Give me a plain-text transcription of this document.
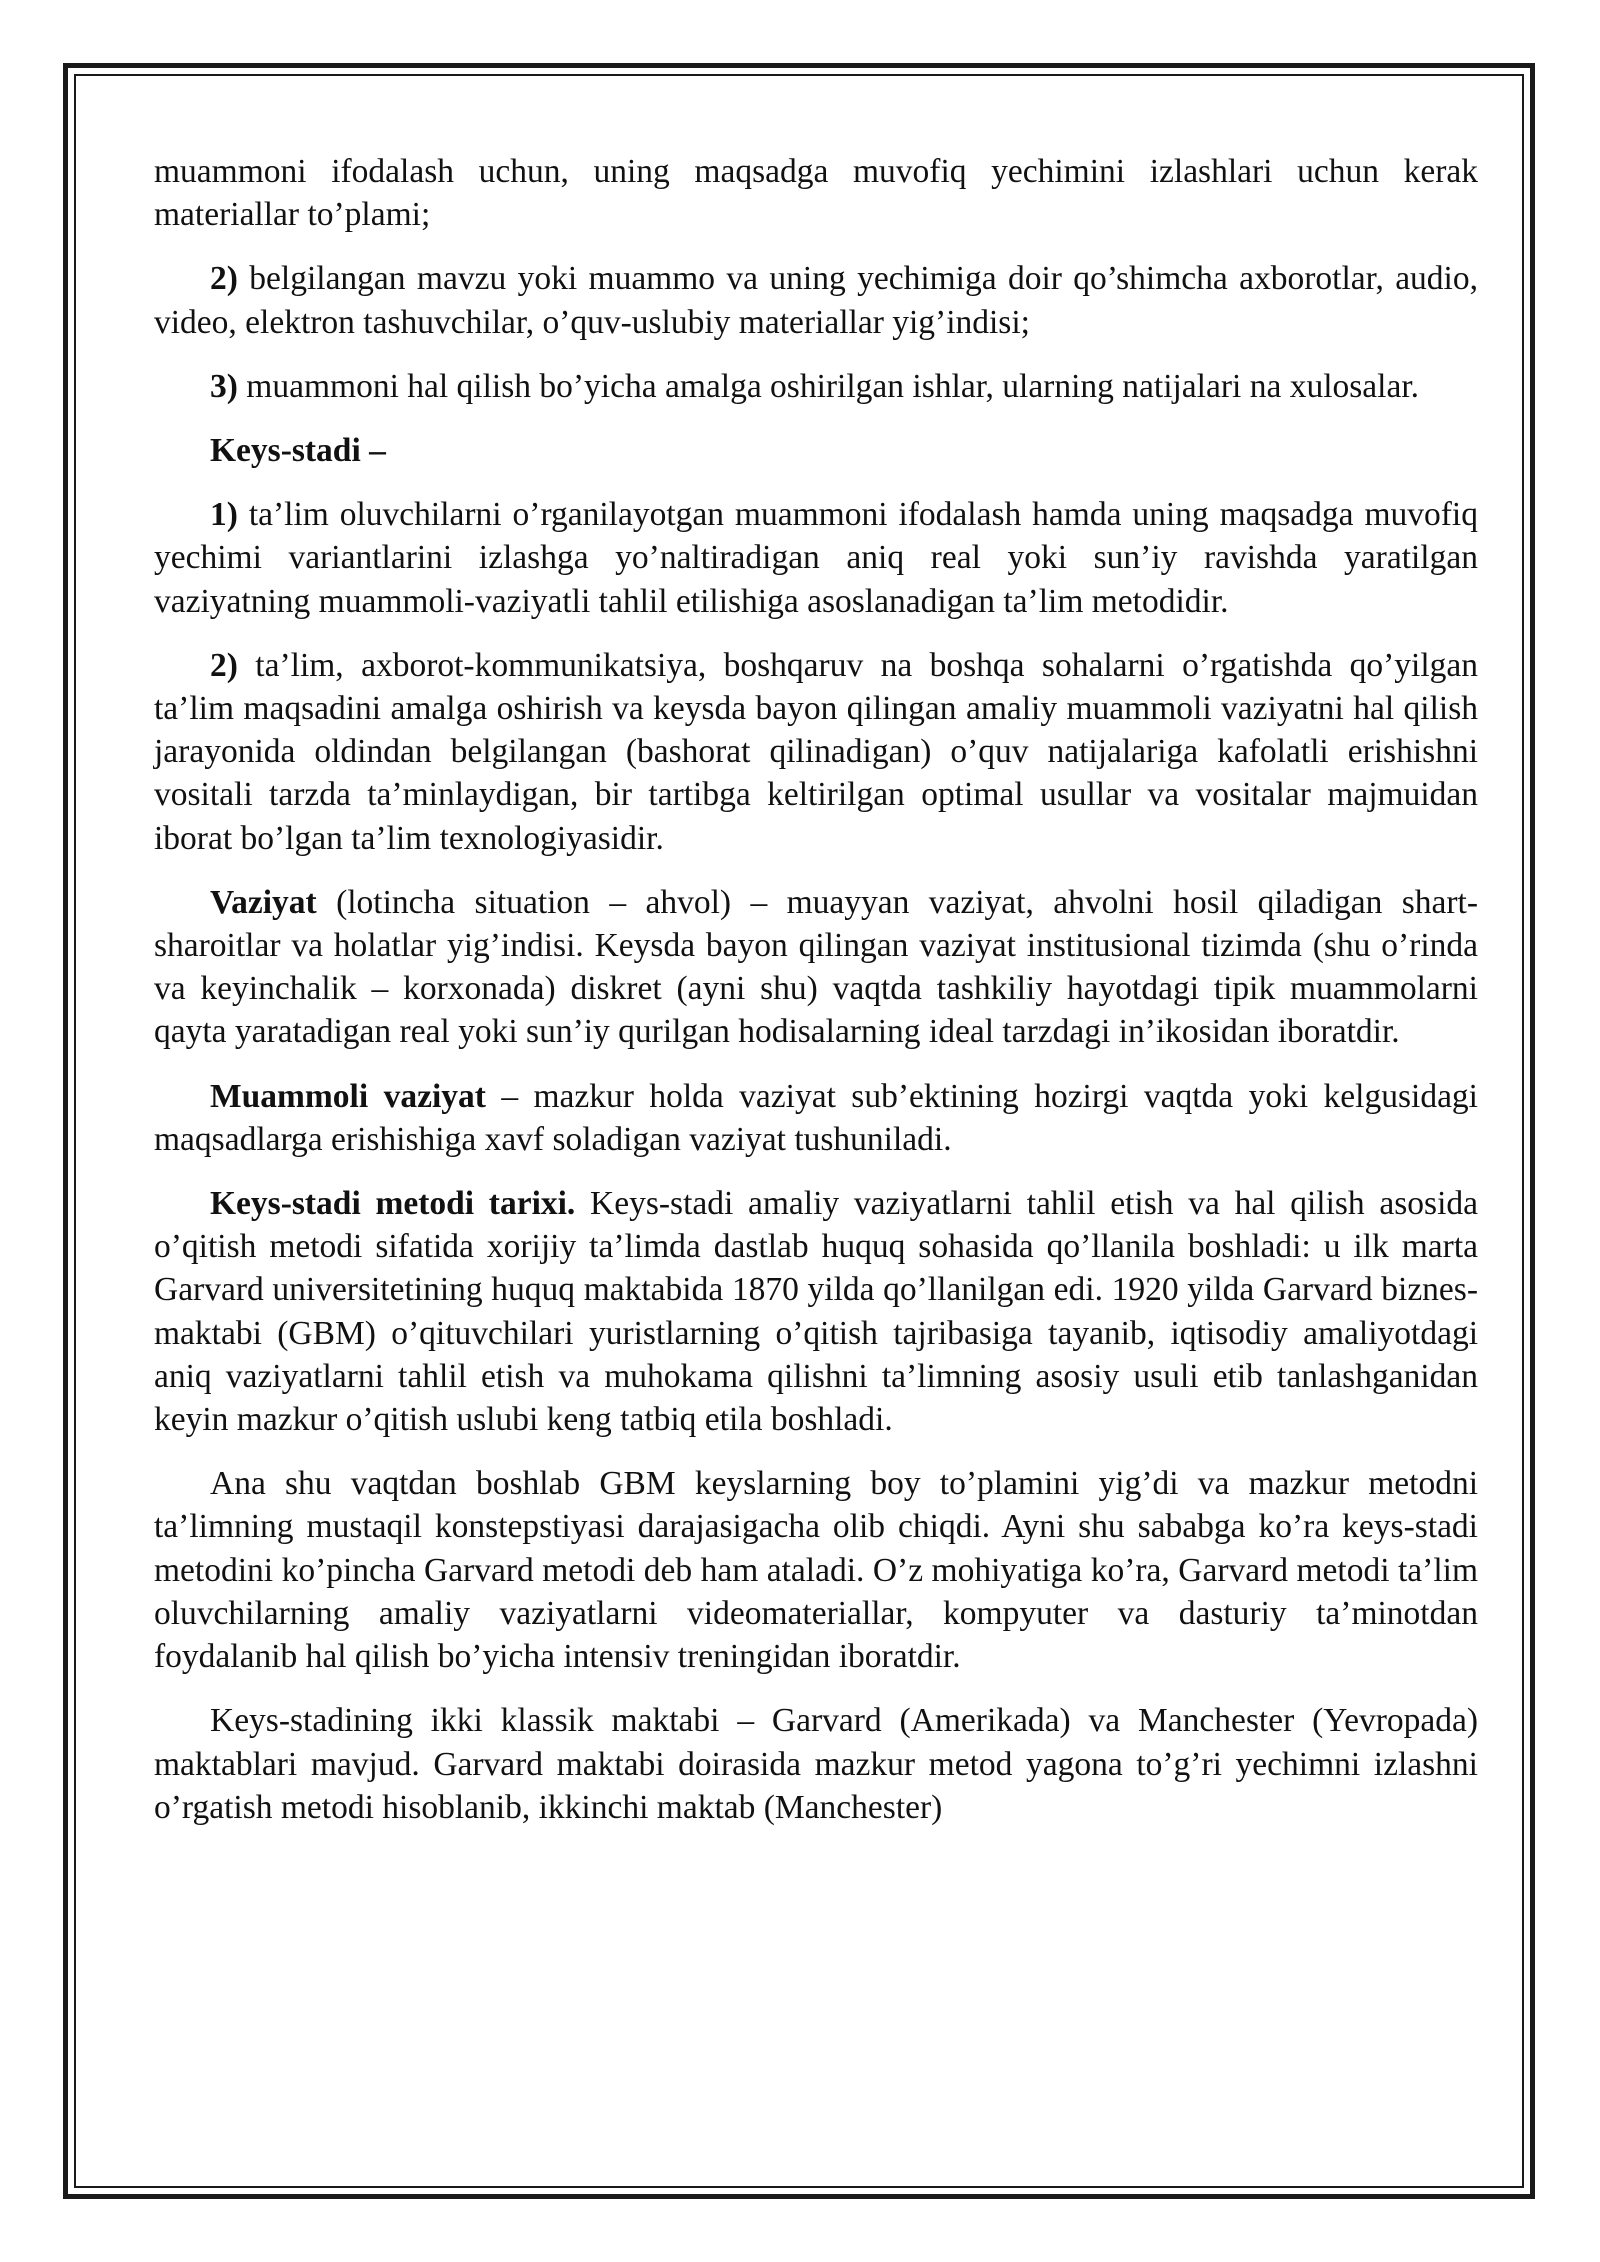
muammoni ifodalash uchun, uning maqsadga muvofiq yechimini izlashlari uchun kerak materiallar to’plami;

2) belgilangan mavzu yoki muammo va uning yechimiga doir qo’shimcha axborotlar, audio, video, elektron tashuvchilar, o’quv-uslubiy materiallar yig’indisi;

3) muammoni hal qilish bo’yicha amalga oshirilgan ishlar, ularning natijalari na xulosalar.

Keys-stadi –

1) ta’lim oluvchilarni o’rganilayotgan muammoni ifodalash hamda uning maqsadga muvofiq yechimi variantlarini izlashga yo’naltiradigan aniq real yoki sun’iy ravishda yaratilgan vaziyatning muammoli-vaziyatli tahlil etilishiga asoslanadigan ta’lim metodidir.

2) ta’lim, axborot-kommunikatsiya, boshqaruv na boshqa sohalarni o’rgatishda qo’yilgan ta’lim maqsadini amalga oshirish va keysda bayon qilingan amaliy muammoli vaziyatni hal qilish jarayonida oldindan belgilangan (bashorat qilinadigan) o’quv natijalariga kafolatli erishishni vositali tarzda ta’minlaydigan, bir tartibga keltirilgan optimal usullar va vositalar majmuidan iborat bo’lgan ta’lim texnologiyasidir.

Vaziyat (lotincha situation – ahvol) – muayyan vaziyat, ahvolni hosil qiladigan shart-sharoitlar va holatlar yig’indisi. Keysda bayon qilingan vaziyat institusional tizimda (shu o’rinda va keyinchalik – korxonada) diskret (ayni shu) vaqtda tashkiliy hayotdagi tipik muammolarni qayta yaratadigan real yoki sun’iy qurilgan hodisalarning ideal tarzdagi in’ikosidan iboratdir.

Muammoli vaziyat – mazkur holda vaziyat sub’ektining hozirgi vaqtda yoki kelgusidagi maqsadlarga erishishiga xavf soladigan vaziyat tushuniladi.

Keys-stadi metodi tarixi. Keys-stadi amaliy vaziyatlarni tahlil etish va hal qilish asosida o’qitish metodi sifatida xorijiy ta’limda dastlab huquq sohasida qo’llanila boshladi: u ilk marta Garvard universitetining huquq maktabida 1870 yilda qo’llanilgan edi. 1920 yilda Garvard biznes-maktabi (GBM) o’qituvchilari yuristlarning o’qitish tajribasiga tayanib, iqtisodiy amaliyotdagi aniq vaziyatlarni tahlil etish va muhokama qilishni ta’limning asosiy usuli etib tanlashganidan keyin mazkur o’qitish uslubi keng tatbiq etila boshladi.

Ana shu vaqtdan boshlab GBM keyslarning boy to’plamini yig’di va mazkur metodni ta’limning mustaqil konstepstiyasi darajasigacha olib chiqdi. Ayni shu sababga ko’ra keys-stadi metodini ko’pincha Garvard metodi deb ham ataladi. O’z mohiyatiga ko’ra, Garvard metodi ta’lim oluvchilarning amaliy vaziyatlarni videomateriallar, kompyuter va dasturiy ta’minotdan foydalanib hal qilish bo’yicha intensiv treningidan iboratdir.

Keys-stadining ikki klassik maktabi – Garvard (Amerikada) va Manchester (Yevropada) maktablari mavjud. Garvard maktabi doirasida mazkur metod yagona to’g’ri yechimni izlashni o’rgatish metodi hisoblanib, ikkinchi maktab (Manchester)
